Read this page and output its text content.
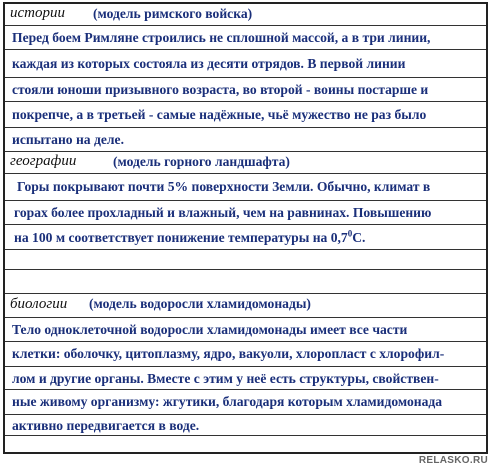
истории (модель римского войска)
Перед боем Римляне строились не сплошной массой, а в три линии,
каждая из которых состояла из десяти отрядов. В первой линии
стояли юноши призывного возраста, во второй - воины постарше и
покрепче, а в третьей - самые надёжные, чьё мужество не раз было
испытано на деле.
географии	(модель горного ландшафта)
Горы покрывают почти 5% поверхности Земли. Обычно, климат в
горах более прохладный и влажный, чем на равнинах. Повышению
на 100 м соответствует понижение температуры на $0,7^0С$.
биологии (модель водоросли хламидомонады)
Тело одноклеточной водоросли хламидомонады имеет все части
клетки: оболочку, цитоплазму, ядро, вакуоли, хлоропласт с хлорофил-
лом и другие органы. Вместе с этим у неё есть структуры, свойствен-
ные живому организму: жгутики, благодаря которым хламидомонада
активно передвигается в воде.
RELASKO.RU
